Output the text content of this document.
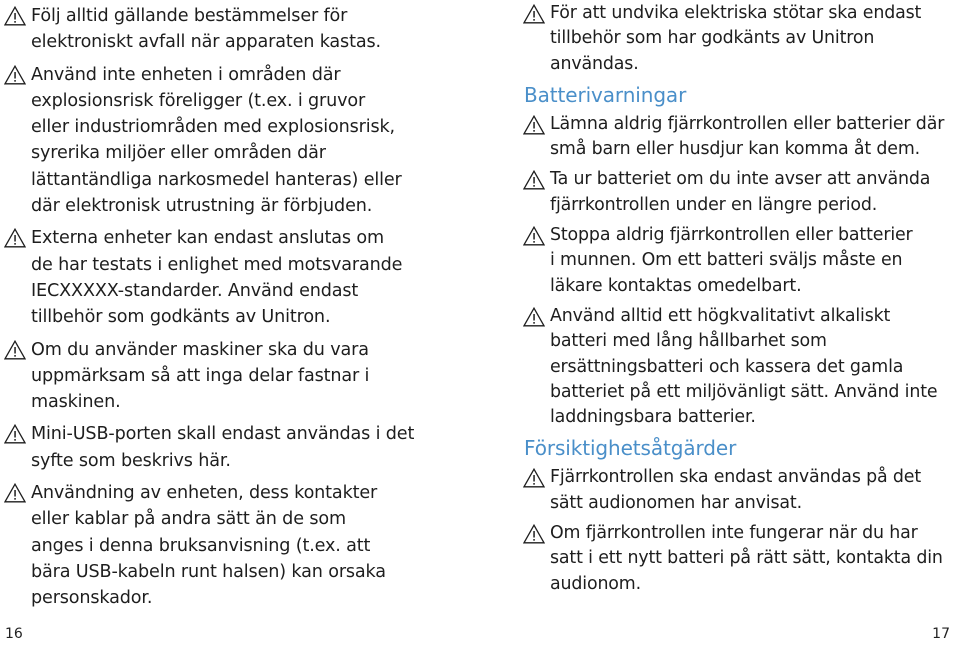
Följ alltid gällande bestämmelser för
elektroniskt avfall när apparaten kastas.
Använd inte enheten i områden där
explosionsrisk föreligger (t.ex. i gruvor
eller industriområden med explosionsrisk,
syrerika miljöer eller områden där
lättantändliga narkosmedel hanteras) eller
där elektronisk utrustning är förbjuden.
Externa enheter kan endast anslutas om
de har testats i enlighet med motsvarande
IECXXXXX-standarder. Använd endast
tillbehör som godkänts av Unitron.
Om du använder maskiner ska du vara
uppmärksam så att inga delar fastnar i
maskinen.
Mini-USB-porten skall endast användas i det
syfte som beskrivs här.
Användning av enheten, dess kontakter
eller kablar på andra sätt än de som
anges i denna bruksanvisning (t.ex. att
bära USB-kabeln runt halsen) kan orsaka
personskador.
För att undvika elektriska stötar ska endast
tillbehör som har godkänts av Unitron
användas.
Batterivarningar
Lämna aldrig fjärrkontrollen eller batterier där
små barn eller husdjur kan komma åt dem.
Ta ur batteriet om du inte avser att använda
fjärrkontrollen under en längre period.
Stoppa aldrig fjärrkontrollen eller batterier
i munnen. Om ett batteri sväljs måste en
läkare kontaktas omedelbart.
Använd alltid ett högkvalitativt alkaliskt
batteri med lång hållbarhet som
ersättningsbatteri och kassera det gamla
batteriet på ett miljövänligt sätt. Använd inte
laddningsbara batterier.
Försiktighetsåtgärder
Fjärrkontrollen ska endast användas på det
sätt audionomen har anvisat.
Om fjärrkontrollen inte fungerar när du har
satt i ett nytt batteri på rätt sätt, kontakta din
audionom.
16	17
